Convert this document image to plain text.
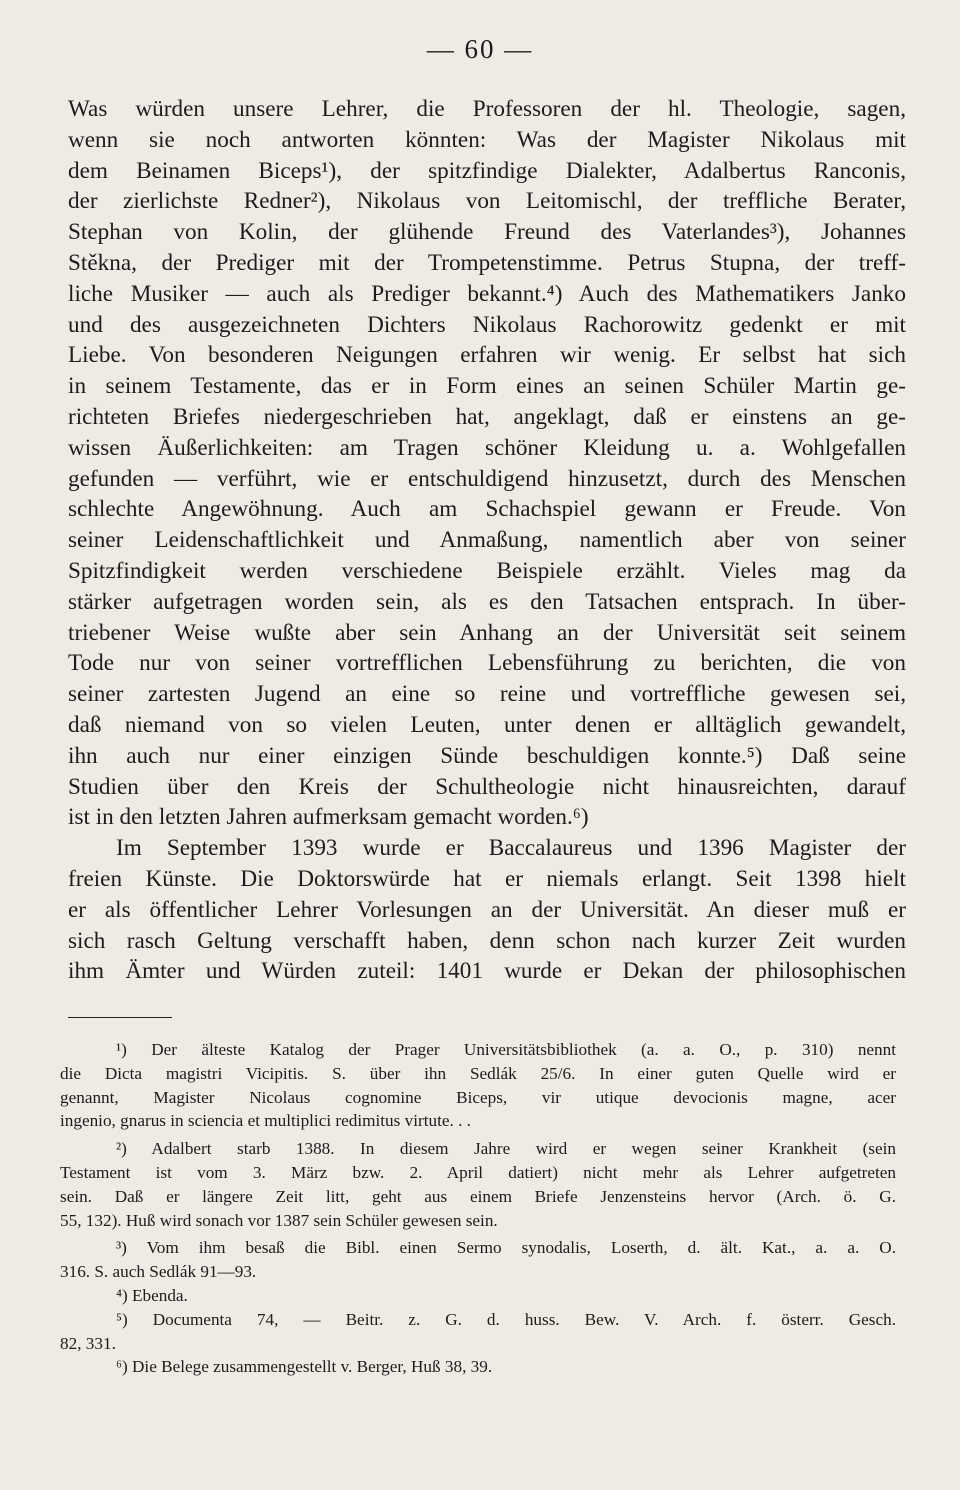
— 60 —
Was würden unsere Lehrer, die Professoren der hl. Theologie, sagen,
wenn sie noch antworten könnten: Was der Magister Nikolaus mit
dem Beinamen Biceps¹), der spitzfindige Dialekter, Adalbertus Ranconis,
der zierlichste Redner²), Nikolaus von Leitomischl, der treffliche Berater,
Stephan von Kolin, der glühende Freund des Vaterlandes³), Johannes
Stěkna, der Prediger mit der Trompetenstimme. Petrus Stupna, der treff-
liche Musiker — auch als Prediger bekannt.⁴) Auch des Mathematikers Janko
und des ausgezeichneten Dichters Nikolaus Rachorowitz gedenkt er mit
Liebe. Von besonderen Neigungen erfahren wir wenig. Er selbst hat sich
in seinem Testamente, das er in Form eines an seinen Schüler Martin ge-
richteten Briefes niedergeschrieben hat, angeklagt, daß er einstens an ge-
wissen Äußerlichkeiten: am Tragen schöner Kleidung u. a. Wohlgefallen
gefunden — verführt, wie er entschuldigend hinzusetzt, durch des Menschen
schlechte Angewöhnung. Auch am Schachspiel gewann er Freude. Von
seiner Leidenschaftlichkeit und Anmaßung, namentlich aber von seiner
Spitzfindigkeit werden verschiedene Beispiele erzählt. Vieles mag da
stärker aufgetragen worden sein, als es den Tatsachen entsprach. In über-
triebener Weise wußte aber sein Anhang an der Universität seit seinem
Tode nur von seiner vortrefflichen Lebensführung zu berichten, die von
seiner zartesten Jugend an eine so reine und vortreffliche gewesen sei,
daß niemand von so vielen Leuten, unter denen er alltäglich gewandelt,
ihn auch nur einer einzigen Sünde beschuldigen konnte.⁵) Daß seine
Studien über den Kreis der Schultheologie nicht hinausreichten, darauf
ist in den letzten Jahren aufmerksam gemacht worden.⁶)
Im September 1393 wurde er Baccalaureus und 1396 Magister der
freien Künste. Die Doktorswürde hat er niemals erlangt. Seit 1398 hielt
er als öffentlicher Lehrer Vorlesungen an der Universität. An dieser muß er
sich rasch Geltung verschafft haben, denn schon nach kurzer Zeit wurden
ihm Ämter und Würden zuteil: 1401 wurde er Dekan der philosophischen
¹) Der älteste Katalog der Prager Universitätsbibliothek (a. a. O., p. 310) nennt
die Dicta magistri Vicipitis. S. über ihn Sedlák 25/6. In einer guten Quelle wird er
genannt, Magister Nicolaus cognomine Biceps, vir utique devocionis magne, acer
ingenio, gnarus in sciencia et multiplici redimitus virtute. . .
²) Adalbert starb 1388. In diesem Jahre wird er wegen seiner Krankheit (sein
Testament ist vom 3. März bzw. 2. April datiert) nicht mehr als Lehrer aufgetreten
sein. Daß er längere Zeit litt, geht aus einem Briefe Jenzensteins hervor (Arch. ö. G.
55, 132). Huß wird sonach vor 1387 sein Schüler gewesen sein.
³) Vom ihm besaß die Bibl. einen Sermo synodalis, Loserth, d. ält. Kat., a. a. O.
316. S. auch Sedlák 91—93.
⁴) Ebenda.
⁵) Documenta 74, — Beitr. z. G. d. huss. Bew. V. Arch. f. österr. Gesch.
82, 331.
⁶) Die Belege zusammengestellt v. Berger, Huß 38, 39.
